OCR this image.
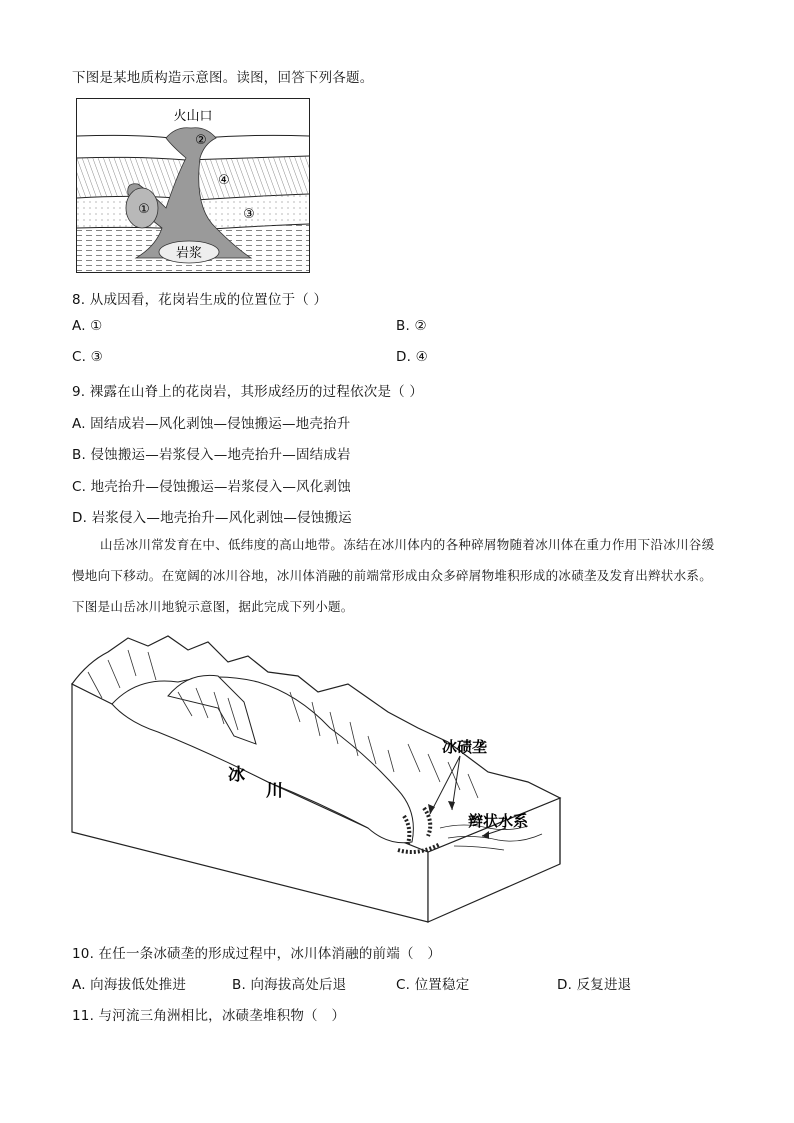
下图是某地质构造示意图。读图，回答下列各题。
岩浆
火山口
①
②
③
④
8. 从成因看，花岗岩生成的位置位于（ ）
A. ①	B. ②
C. ③	D. ④
9. 裸露在山脊上的花岗岩，其形成经历的过程依次是（ ）
A. 固结成岩—风化剥蚀—侵蚀搬运—地壳抬升
B. 侵蚀搬运—岩浆侵入—地壳抬升—固结成岩
C. 地壳抬升—侵蚀搬运—岩浆侵入—风化剥蚀
D. 岩浆侵入—地壳抬升—风化剥蚀—侵蚀搬运
山岳冰川常发育在中、低纬度的高山地带。冻结在冰川体内的各种碎屑物随着冰川体在重力作用下沿冰川谷缓慢地向下移动。在宽阔的冰川谷地，冰川体消融的前端常形成由众多碎屑物堆积形成的冰碛垄及发育出辫状水系。下图是山岳冰川地貌示意图，据此完成下列小题。
冰
川
冰碛垄
辫状水系
10. 在任一条冰碛垄的形成过程中，冰川体消融的前端（　）
A. 向海拔低处推进	B. 向海拔高处后退	C. 位置稳定	D. 反复进退
11. 与河流三角洲相比，冰碛垄堆积物（　）
